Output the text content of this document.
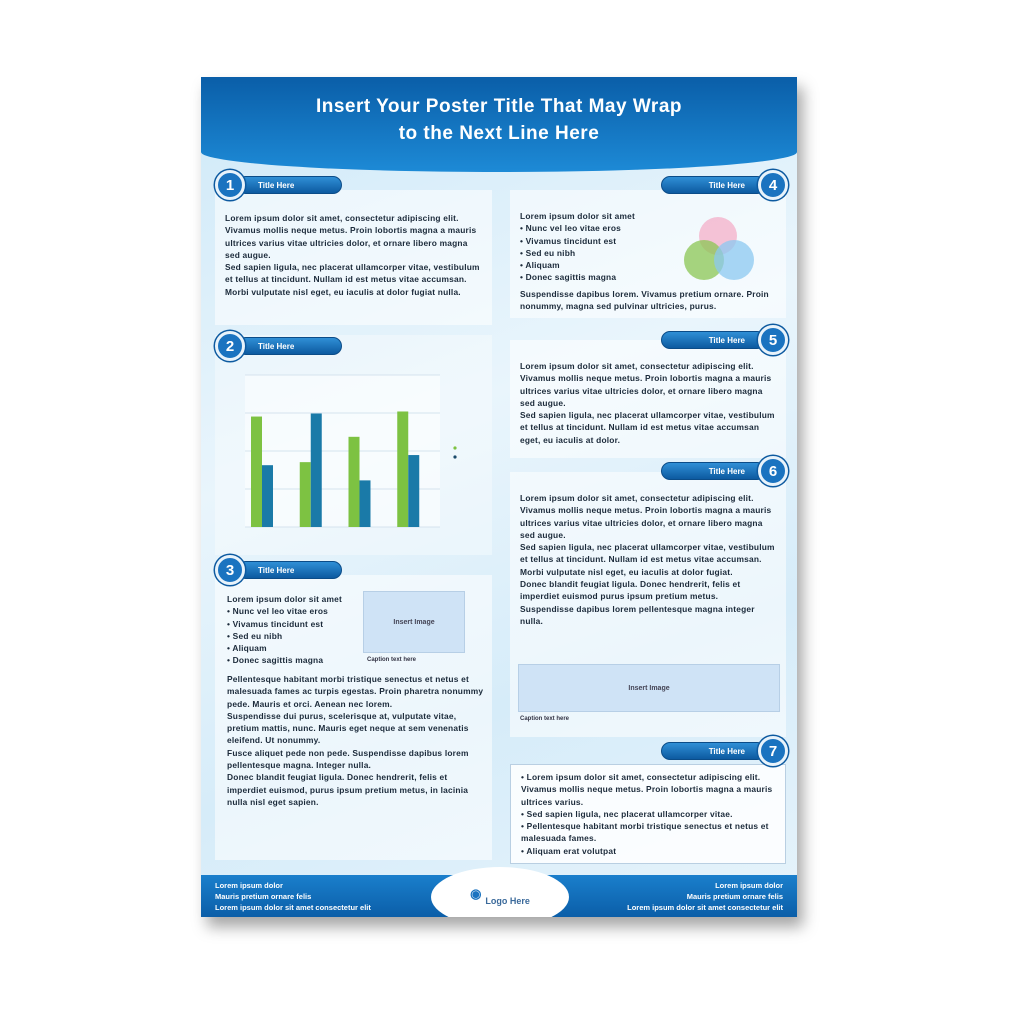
Insert Your Poster Title That May Wrap to the Next Line Here

Lorem ipsum dolor sit amet, consectetur adipiscing elit. Vivamus mollis neque metus. Proin lobortis magna a mauris ultrices varius vitae ultricies dolor, et ornare libero magna sed augue.

Sed sapien ligula, nec placerat ullamcorper vitae, vestibulum et tellus at tincidunt. Nullam id est metus vitae accumsan. Morbi vulputate nisl eget, eu iaculis at dolor fugiat nulla.

1	Title Here
2	Title Here

Lorem ipsum dolor sit amet

• Nunc vel leo vitae eros

• Vivamus tincidunt est

• Sed eu nibh

• Aliquam

• Donec sagittis magna

Insert Image
Caption text here

Pellentesque habitant morbi tristique senectus et netus et malesuada fames ac turpis egestas. Proin pharetra nonummy pede. Mauris et orci. Aenean nec lorem.

Suspendisse dui purus, scelerisque at, vulputate vitae, pretium mattis, nunc. Mauris eget neque at sem venenatis eleifend. Ut nonummy.

Fusce aliquet pede non pede. Suspendisse dapibus lorem pellentesque magna. Integer nulla.

Donec blandit feugiat ligula. Donec hendrerit, felis et imperdiet euismod, purus ipsum pretium metus, in lacinia nulla nisl eget sapien.

3	Title Here

Lorem ipsum dolor sit amet

• Nunc vel leo vitae eros

• Vivamus tincidunt est

• Sed eu nibh

• Aliquam

• Donec sagittis magna

Suspendisse dapibus lorem. Vivamus pretium ornare. Proin nonummy, magna sed pulvinar ultricies, purus.

Title Here	4

Lorem ipsum dolor sit amet, consectetur adipiscing elit. Vivamus mollis neque metus. Proin lobortis magna a mauris ultrices varius vitae ultricies dolor, et ornare libero magna sed augue.

Sed sapien ligula, nec placerat ullamcorper vitae, vestibulum et tellus at tincidunt. Nullam id est metus vitae accumsan eget, eu iaculis at dolor.

Title Here	5

Lorem ipsum dolor sit amet, consectetur adipiscing elit. Vivamus mollis neque metus. Proin lobortis magna a mauris ultrices varius vitae ultricies dolor, et ornare libero magna sed augue.

Sed sapien ligula, nec placerat ullamcorper vitae, vestibulum et tellus at tincidunt. Nullam id est metus vitae accumsan. Morbi vulputate nisl eget, eu iaculis at dolor fugiat.

Donec blandit feugiat ligula. Donec hendrerit, felis et imperdiet euismod purus ipsum pretium metus.

Suspendisse dapibus lorem pellentesque magna integer nulla.

Insert Image
Caption text here
Title Here	6

• Lorem ipsum dolor sit amet, consectetur adipiscing elit. Vivamus mollis neque metus. Proin lobortis magna a mauris ultrices varius.

• Sed sapien ligula, nec placerat ullamcorper vitae.

• Pellentesque habitant morbi tristique senectus et netus et malesuada fames.

• Aliquam erat volutpat

Title Here	7
Lorem ipsum dolor
Mauris pretium ornare felis
Lorem ipsum dolor sit amet consectetur elit
◉ Logo Here
Lorem ipsum dolor
Mauris pretium ornare felis
Lorem ipsum dolor sit amet consectetur elit
